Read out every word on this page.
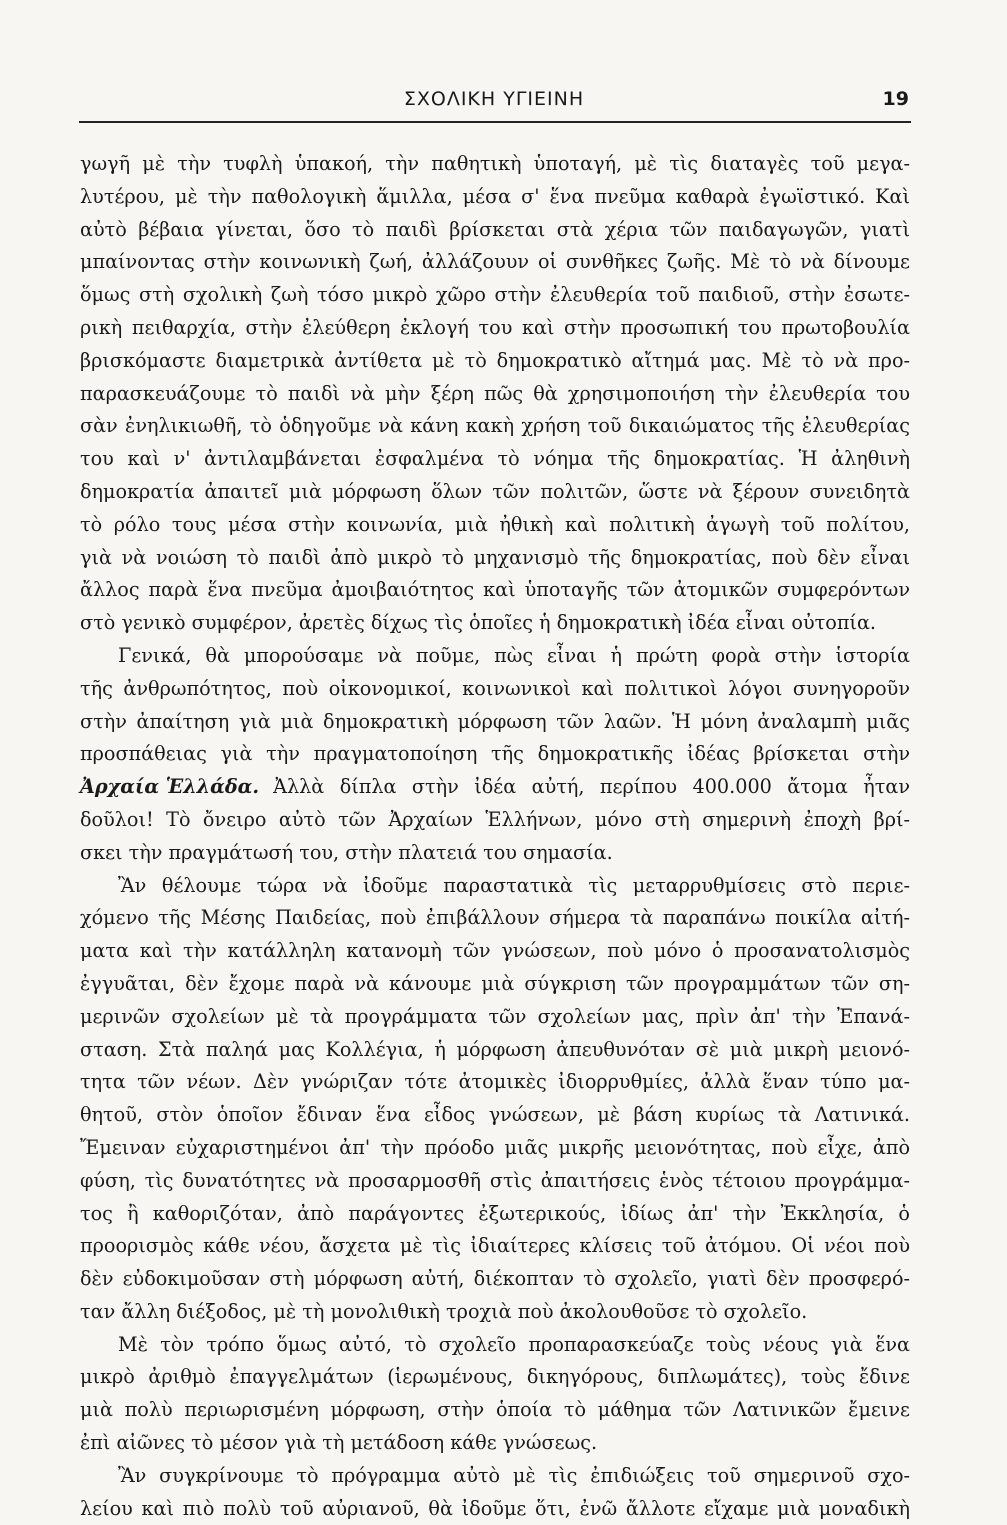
ΣΧΟΛΙΚΗ ΥΓΙΕΙΝΗ	19
γωγῆ μὲ τὴν τυφλὴ ὑπακοή, τὴν παθητικὴ ὑποταγή, μὲ τὶς διαταγὲς τοῦ μεγα-
λυτέρου, μὲ τὴν παθολογικὴ ἅμιλλα, μέσα σ' ἕνα πνεῦμα καθαρὰ ἐγωϊστικό. Καὶ
αὐτὸ βέβαια γίνεται, ὅσο τὸ παιδὶ βρίσκεται στὰ χέρια τῶν παιδαγωγῶν, γιατὶ
μπαίνοντας στὴν κοινωνικὴ ζωή, ἀλλάζουυν οἱ συνθῆκες ζωῆς. Μὲ τὸ νὰ δίνουμε
ὅμως στὴ σχολικὴ ζωὴ τόσο μικρὸ χῶρο στὴν ἐλευθερία τοῦ παιδιοῦ, στὴν ἐσωτε-
ρικὴ πειθαρχία, στὴν ἐλεύθερη ἐκλογή του καὶ στὴν προσωπική του πρωτοβουλία
βρισκόμαστε διαμετρικὰ ἀντίθετα μὲ τὸ δημοκρατικὸ αἴτημά μας. Μὲ τὸ νὰ προ-
παρασκευάζουμε τὸ παιδὶ νὰ μὴν ξέρη πῶς θὰ χρησιμοποιήση τὴν ἐλευθερία του
σὰν ἐνηλικιωθῆ, τὸ ὁδηγοῦμε νὰ κάνη κακὴ χρήση τοῦ δικαιώματος τῆς ἐλευθερίας
του καὶ ν' ἀντιλαμβάνεται ἐσφαλμένα τὸ νόημα τῆς δημοκρατίας. Ἡ ἀληθινὴ
δημοκρατία ἀπαιτεῖ μιὰ μόρφωση ὅλων τῶν πολιτῶν, ὥστε νὰ ξέρουν συνειδητὰ
τὸ ρόλο τους μέσα στὴν κοινωνία, μιὰ ἠθικὴ καὶ πολιτικὴ ἀγωγὴ τοῦ πολίτου,
γιὰ νὰ νοιώση τὸ παιδὶ ἀπὸ μικρὸ τὸ μηχανισμὸ τῆς δημοκρατίας, ποὺ δὲν εἶναι
ἄλλος παρὰ ἕνα πνεῦμα ἀμοιβαιότητος καὶ ὑποταγῆς τῶν ἀτομικῶν συμφερόντων
στὸ γενικὸ συμφέρον, ἀρετὲς δίχως τὶς ὁποῖες ἡ δημοκρατικὴ ἰδέα εἶναι οὐτοπία.
Γενικά, θὰ μπορούσαμε νὰ ποῦμε, πὼς εἶναι ἡ πρώτη φορὰ στὴν ἱστορία
τῆς ἀνθρωπότητος, ποὺ οἰκονομικοί, κοινωνικοὶ καὶ πολιτικοὶ λόγοι συνηγοροῦν
στὴν ἀπαίτηση γιὰ μιὰ δημοκρατικὴ μόρφωση τῶν λαῶν. Ἡ μόνη ἀναλαμπὴ μιᾶς
προσπάθειας γιὰ τὴν πραγματοποίηση τῆς δημοκρατικῆς ἰδέας βρίσκεται στὴν
Ἀρχαία Ἑλλάδα. Ἀλλὰ δίπλα στὴν ἰδέα αὐτή, περίπου 400.000 ἄτομα ἦταν
δοῦλοι! Τὸ ὄνειρο αὐτὸ τῶν Ἀρχαίων Ἑλλήνων, μόνο στὴ σημερινὴ ἐποχὴ βρί-
σκει τὴν πραγμάτωσή του, στὴν πλατειά του σημασία.
Ἂν θέλουμε τώρα νὰ ἰδοῦμε παραστατικὰ τὶς μεταρρυθμίσεις στὸ περιε-
χόμενο τῆς Μέσης Παιδείας, ποὺ ἐπιβάλλουν σήμερα τὰ παραπάνω ποικίλα αἰτή-
ματα καὶ τὴν κατάλληλη κατανομὴ τῶν γνώσεων, ποὺ μόνο ὁ προσανατολισμὸς
ἐγγυᾶται, δὲν ἔχομε παρὰ νὰ κάνουμε μιὰ σύγκριση τῶν προγραμμάτων τῶν ση-
μερινῶν σχολείων μὲ τὰ προγράμματα τῶν σχολείων μας, πρὶν ἀπ' τὴν Ἐπανά-
σταση. Στὰ παληά μας Κολλέγια, ἡ μόρφωση ἀπευθυνόταν σὲ μιὰ μικρὴ μειονό-
τητα τῶν νέων. Δὲν γνώριζαν τότε ἀτομικὲς ἰδιορρυθμίες, ἀλλὰ ἕναν τύπο μα-
θητοῦ, στὸν ὁποῖον ἔδιναν ἕνα εἶδος γνώσεων, μὲ βάση κυρίως τὰ Λατινικά.
Ἔμειναν εὐχαριστημένοι ἀπ' τὴν πρόοδο μιᾶς μικρῆς μειονότητας, ποὺ εἶχε, ἀπὸ
φύση, τὶς δυνατότητες νὰ προσαρμοσθῆ στὶς ἀπαιτήσεις ἑνὸς τέτοιου προγράμμα-
τος ἢ καθοριζόταν, ἀπὸ παράγοντες ἐξωτερικούς, ἰδίως ἀπ' τὴν Ἐκκλησία, ὁ
προορισμὸς κάθε νέου, ἄσχετα μὲ τὶς ἰδιαίτερες κλίσεις τοῦ ἀτόμου. Οἱ νέοι ποὺ
δὲν εὐδοκιμοῦσαν στὴ μόρφωση αὐτή, διέκοπταν τὸ σχολεῖο, γιατὶ δὲν προσφερό-
ταν ἄλλη διέξοδος, μὲ τὴ μονολιθικὴ τροχιὰ ποὺ ἀκολουθοῦσε τὸ σχολεῖο.
Μὲ τὸν τρόπο ὅμως αὐτό, τὸ σχολεῖο προπαρασκεύαζε τοὺς νέους γιὰ ἕνα
μικρὸ ἀριθμὸ ἐπαγγελμάτων (ἱερωμένους, δικηγόρους, διπλωμάτες), τοὺς ἔδινε
μιὰ πολὺ περιωρισμένη μόρφωση, στὴν ὁποία τὸ μάθημα τῶν Λατινικῶν ἔμεινε
ἐπὶ αἰῶνες τὸ μέσον γιὰ τὴ μετάδοση κάθε γνώσεως.
Ἂν συγκρίνουμε τὸ πρόγραμμα αὐτὸ μὲ τὶς ἐπιδιώξεις τοῦ σημερινοῦ σχο-
λείου καὶ πιὸ πολὺ τοῦ αὐριανοῦ, θὰ ἰδοῦμε ὅτι, ἐνῶ ἄλλοτε εἴχαμε μιὰ μοναδικὴ
